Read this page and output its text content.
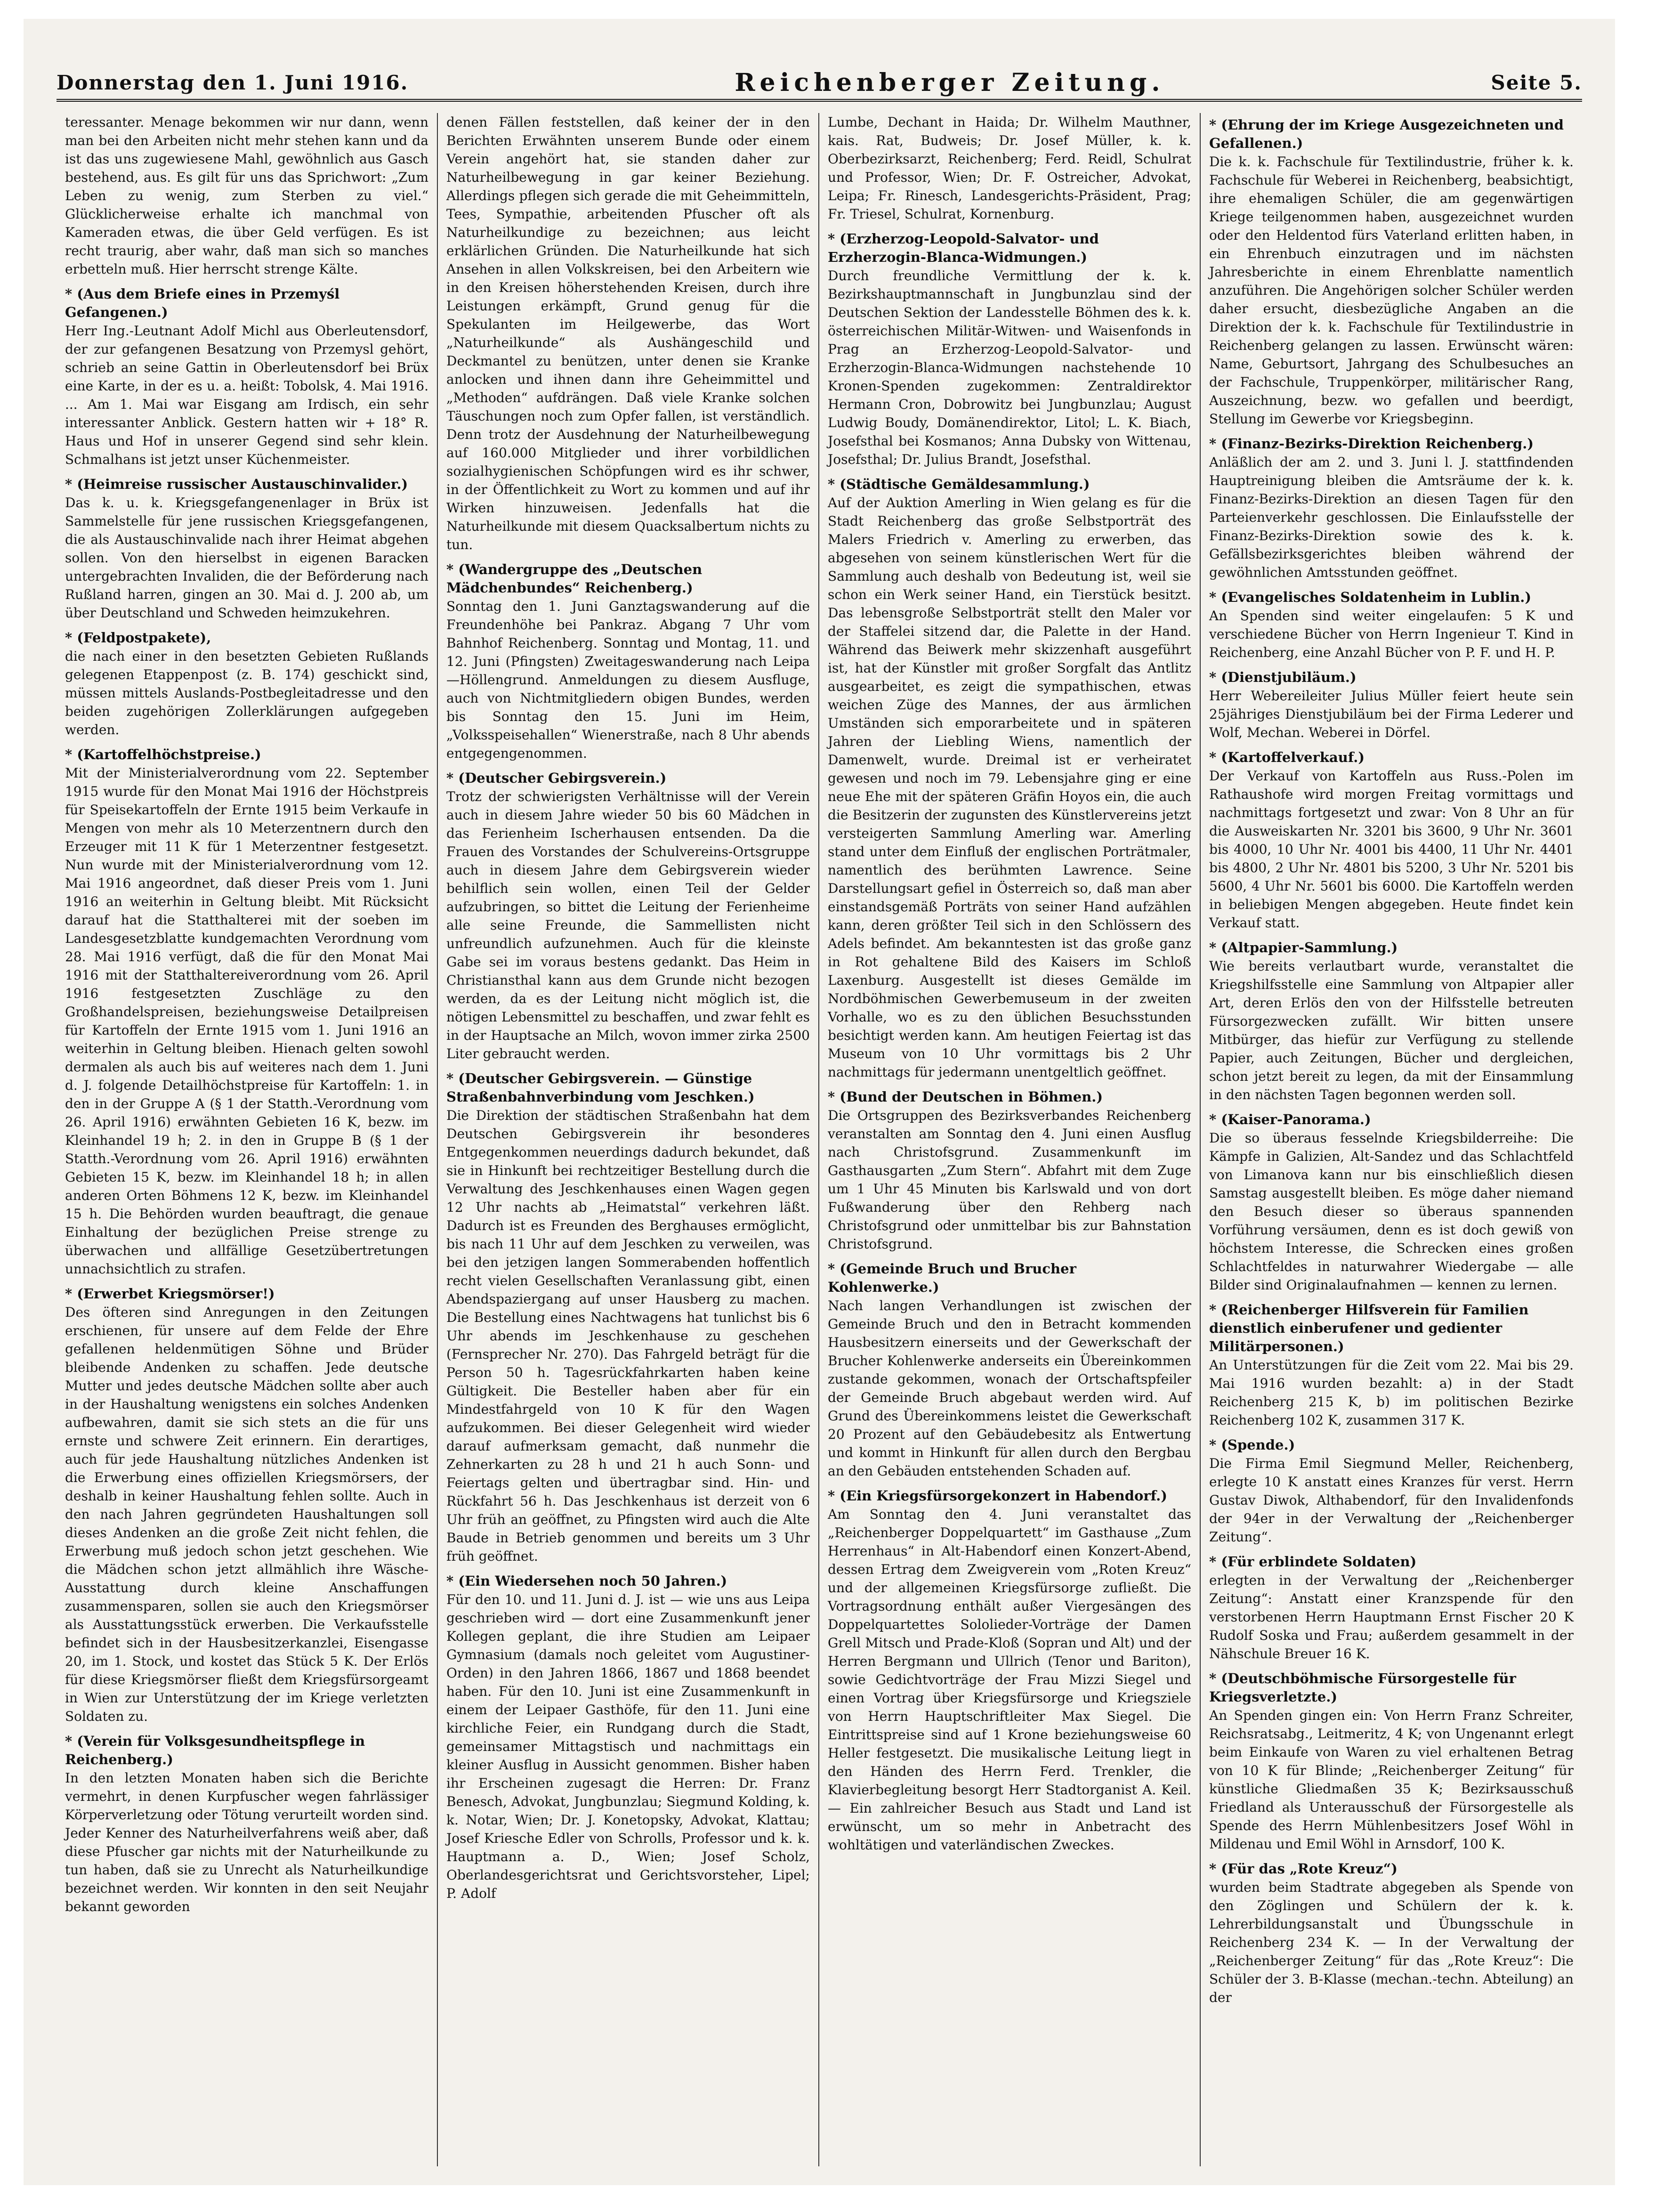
Donnerstag den 1. Juni 1916.	Reichenberger Zeitung.	Seite 5.
teressanter. Menage bekommen wir nur dann, wenn man bei den Arbeiten nicht mehr stehen kann und da ist das uns zugewiesene Mahl, gewöhnlich aus Gasch bestehend, aus. Es gilt für uns das Sprichwort: „Zum Leben zu wenig, zum Sterben zu viel.“ Glücklicherweise erhalte ich manchmal von Kameraden etwas, die über Geld verfügen. Es ist recht traurig, aber wahr, daß man sich so manches erbetteln muß. Hier herrscht strenge Kälte.
* (Aus dem Briefe eines in Przemyśl Gefangenen.)
Herr Ing.-Leutnant Adolf Michl aus Oberleutensdorf, der zur gefangenen Besatzung von Przemysl gehört, schrieb an seine Gattin in Oberleutensdorf bei Brüx eine Karte, in der es u. a. heißt: Tobolsk, 4. Mai 1916. ... Am 1. Mai war Eisgang am Irdisch, ein sehr interessanter Anblick. Gestern hatten wir + 18° R. Haus und Hof in unserer Gegend sind sehr klein. Schmalhans ist jetzt unser Küchenmeister.
* (Heimreise russischer Austauschinvalider.)
Das k. u. k. Kriegsgefangenenlager in Brüx ist Sammelstelle für jene russischen Kriegsgefangenen, die als Austauschinvalide nach ihrer Heimat abgehen sollen. Von den hierselbst in eigenen Baracken untergebrachten Invaliden, die der Beförderung nach Rußland harren, gingen an 30. Mai d. J. 200 ab, um über Deutschland und Schweden heimzukehren.
* (Feldpostpakete),
die nach einer in den besetzten Gebieten Rußlands gelegenen Etappenpost (z. B. 174) geschickt sind, müssen mittels Auslands-Postbegleitadresse und den beiden zugehörigen Zollerklärungen aufgegeben werden.
* (Kartoffelhöchstpreise.)
Mit der Ministerialverordnung vom 22. September 1915 wurde für den Monat Mai 1916 der Höchstpreis für Speisekartoffeln der Ernte 1915 beim Verkaufe in Mengen von mehr als 10 Meterzentnern durch den Erzeuger mit 11 K für 1 Meterzentner festgesetzt. Nun wurde mit der Ministerialverordnung vom 12. Mai 1916 angeordnet, daß dieser Preis vom 1. Juni 1916 an weiterhin in Geltung bleibt. Mit Rücksicht darauf hat die Statthalterei mit der soeben im Landesgesetzblatte kundgemachten Verordnung vom 28. Mai 1916 verfügt, daß die für den Monat Mai 1916 mit der Statthaltereiverordnung vom 26. April 1916 festgesetzten Zuschläge zu den Großhandelspreisen, beziehungsweise Detailpreisen für Kartoffeln der Ernte 1915 vom 1. Juni 1916 an weiterhin in Geltung bleiben. Hienach gelten sowohl dermalen als auch bis auf weiteres nach dem 1. Juni d. J. folgende Detailhöchstpreise für Kartoffeln: 1. in den in der Gruppe A (§ 1 der Statth.-Verordnung vom 26. April 1916) erwähnten Gebieten 16 K, bezw. im Kleinhandel 19 h; 2. in den in Gruppe B (§ 1 der Statth.-Verordnung vom 26. April 1916) erwähnten Gebieten 15 K, bezw. im Kleinhandel 18 h; in allen anderen Orten Böhmens 12 K, bezw. im Kleinhandel 15 h. Die Behörden wurden beauftragt, die genaue Einhaltung der bezüglichen Preise strenge zu überwachen und allfällige Gesetzübertretungen unnachsichtlich zu strafen.
* (Erwerbet Kriegsmörser!)
Des öfteren sind Anregungen in den Zeitungen erschienen, für unsere auf dem Felde der Ehre gefallenen heldenmütigen Söhne und Brüder bleibende Andenken zu schaffen. Jede deutsche Mutter und jedes deutsche Mädchen sollte aber auch in der Haushaltung wenigstens ein solches Andenken aufbewahren, damit sie sich stets an die für uns ernste und schwere Zeit erinnern. Ein derartiges, auch für jede Haushaltung nützliches Andenken ist die Erwerbung eines offiziellen Kriegsmörsers, der deshalb in keiner Haushaltung fehlen sollte. Auch in den nach Jahren gegründeten Haushaltungen soll dieses Andenken an die große Zeit nicht fehlen, die Erwerbung muß jedoch schon jetzt geschehen. Wie die Mädchen schon jetzt allmählich ihre Wäsche-Ausstattung durch kleine Anschaffungen zusammensparen, sollen sie auch den Kriegsmörser als Ausstattungsstück erwerben. Die Verkaufsstelle befindet sich in der Hausbesitzerkanzlei, Eisengasse 20, im 1. Stock, und kostet das Stück 5 K. Der Erlös für diese Kriegsmörser fließt dem Kriegsfürsorgeamt in Wien zur Unterstützung der im Kriege verletzten Soldaten zu.
* (Verein für Volksgesundheitspflege in Reichenberg.)
In den letzten Monaten haben sich die Berichte vermehrt, in denen Kurpfuscher wegen fahrlässiger Körperverletzung oder Tötung verurteilt worden sind. Jeder Kenner des Naturheilverfahrens weiß aber, daß diese Pfuscher gar nichts mit der Naturheilkunde zu tun haben, daß sie zu Unrecht als Naturheilkundige bezeichnet werden. Wir konnten in den seit Neujahr bekannt geworden
denen Fällen feststellen, daß keiner der in den Berichten Erwähnten unserem Bunde oder einem Verein angehört hat, sie standen daher zur Naturheilbewegung in gar keiner Beziehung. Allerdings pflegen sich gerade die mit Geheimmitteln, Tees, Sympathie, arbeitenden Pfuscher oft als Naturheilkundige zu bezeichnen; aus leicht erklärlichen Gründen. Die Naturheilkunde hat sich Ansehen in allen Volkskreisen, bei den Arbeitern wie in den Kreisen höherstehenden Kreisen, durch ihre Leistungen erkämpft, Grund genug für die Spekulanten im Heilgewerbe, das Wort „Naturheilkunde“ als Aushängeschild und Deckmantel zu benützen, unter denen sie Kranke anlocken und ihnen dann ihre Geheimmittel und „Methoden“ aufdrängen. Daß viele Kranke solchen Täuschungen noch zum Opfer fallen, ist verständlich. Denn trotz der Ausdehnung der Naturheilbewegung auf 160.000 Mitglieder und ihrer vorbildlichen sozialhygienischen Schöpfungen wird es ihr schwer, in der Öffentlichkeit zu Wort zu kommen und auf ihr Wirken hinzuweisen. Jedenfalls hat die Naturheilkunde mit diesem Quacksalbertum nichts zu tun.
* (Wandergruppe des „Deutschen Mädchenbundes“ Reichenberg.)
Sonntag den 1. Juni Ganztagswanderung auf die Freundenhöhe bei Pankraz. Abgang 7 Uhr vom Bahnhof Reichenberg. Sonntag und Montag, 11. und 12. Juni (Pfingsten) Zweitageswanderung nach Leipa—Höllengrund. Anmeldungen zu diesem Ausfluge, auch von Nichtmitgliedern obigen Bundes, werden bis Sonntag den 15. Juni im Heim, „Volksspeisehallen“ Wienerstraße, nach 8 Uhr abends entgegengenommen.
* (Deutscher Gebirgsverein.)
Trotz der schwierigsten Verhältnisse will der Verein auch in diesem Jahre wieder 50 bis 60 Mädchen in das Ferienheim Ischerhausen entsenden. Da die Frauen des Vorstandes der Schulvereins-Ortsgruppe auch in diesem Jahre dem Gebirgsverein wieder behilflich sein wollen, einen Teil der Gelder aufzubringen, so bittet die Leitung der Ferienheime alle seine Freunde, die Sammellisten nicht unfreundlich aufzunehmen. Auch für die kleinste Gabe sei im voraus bestens gedankt. Das Heim in Christiansthal kann aus dem Grunde nicht bezogen werden, da es der Leitung nicht möglich ist, die nötigen Lebensmittel zu beschaffen, und zwar fehlt es in der Hauptsache an Milch, wovon immer zirka 2500 Liter gebraucht werden.
* (Deutscher Gebirgsverein. — Günstige Straßenbahnverbindung vom Jeschken.)
Die Direktion der städtischen Straßenbahn hat dem Deutschen Gebirgsverein ihr besonderes Entgegenkommen neuerdings dadurch bekundet, daß sie in Hinkunft bei rechtzeitiger Bestellung durch die Verwaltung des Jeschkenhauses einen Wagen gegen 12 Uhr nachts ab „Heimatstal“ verkehren läßt. Dadurch ist es Freunden des Berghauses ermöglicht, bis nach 11 Uhr auf dem Jeschken zu verweilen, was bei den jetzigen langen Sommerabenden hoffentlich recht vielen Gesellschaften Veranlassung gibt, einen Abendspaziergang auf unser Hausberg zu machen. Die Bestellung eines Nachtwagens hat tunlichst bis 6 Uhr abends im Jeschkenhause zu geschehen (Fernsprecher Nr. 270). Das Fahrgeld beträgt für die Person 50 h. Tagesrückfahrkarten haben keine Gültigkeit. Die Besteller haben aber für ein Mindestfahrgeld von 10 K für den Wagen aufzukommen. Bei dieser Gelegenheit wird wieder darauf aufmerksam gemacht, daß nunmehr die Zehnerkarten zu 28 h und 21 h auch Sonn- und Feiertags gelten und übertragbar sind. Hin- und Rückfahrt 56 h. Das Jeschkenhaus ist derzeit von 6 Uhr früh an geöffnet, zu Pfingsten wird auch die Alte Baude in Betrieb genommen und bereits um 3 Uhr früh geöffnet.
* (Ein Wiedersehen noch 50 Jahren.)
Für den 10. und 11. Juni d. J. ist — wie uns aus Leipa geschrieben wird — dort eine Zusammenkunft jener Kollegen geplant, die ihre Studien am Leipaer Gymnasium (damals noch geleitet vom Augustiner-Orden) in den Jahren 1866, 1867 und 1868 beendet haben. Für den 10. Juni ist eine Zusammenkunft in einem der Leipaer Gasthöfe, für den 11. Juni eine kirchliche Feier, ein Rundgang durch die Stadt, gemeinsamer Mittagstisch und nachmittags ein kleiner Ausflug in Aussicht genommen. Bisher haben ihr Erscheinen zugesagt die Herren: Dr. Franz Benesch, Advokat, Jungbunzlau; Siegmund Kolding, k. k. Notar, Wien; Dr. J. Konetopsky, Advokat, Klattau; Josef Kriesche Edler von Schrolls, Professor und k. k. Hauptmann a. D., Wien; Josef Scholz, Oberlandesgerichtsrat und Gerichtsvorsteher, Lipel; P. Adolf
Lumbe, Dechant in Haida; Dr. Wilhelm Mauthner, kais. Rat, Budweis; Dr. Josef Müller, k. k. Oberbezirksarzt, Reichenberg; Ferd. Reidl, Schulrat und Professor, Wien; Dr. F. Ostreicher, Advokat, Leipa; Fr. Rinesch, Landesgerichts-Präsident, Prag; Fr. Triesel, Schulrat, Kornenburg.
* (Erzherzog-Leopold-Salvator- und Erzherzogin-Blanca-Widmungen.)
Durch freundliche Vermittlung der k. k. Bezirkshauptmannschaft in Jungbunzlau sind der Deutschen Sektion der Landesstelle Böhmen des k. k. österreichischen Militär-Witwen- und Waisenfonds in Prag an Erzherzog-Leopold-Salvator- und Erzherzogin-Blanca-Widmungen nachstehende 10 Kronen-Spenden zugekommen: Zentraldirektor Hermann Cron, Dobrowitz bei Jungbunzlau; August Ludwig Boudy, Domänendirektor, Litol; L. K. Biach, Josefsthal bei Kosmanos; Anna Dubsky von Wittenau, Josefsthal; Dr. Julius Brandt, Josefsthal.
* (Städtische Gemäldesammlung.)
Auf der Auktion Amerling in Wien gelang es für die Stadt Reichenberg das große Selbstporträt des Malers Friedrich v. Amerling zu erwerben, das abgesehen von seinem künstlerischen Wert für die Sammlung auch deshalb von Bedeutung ist, weil sie schon ein Werk seiner Hand, ein Tierstück besitzt. Das lebensgroße Selbstporträt stellt den Maler vor der Staffelei sitzend dar, die Palette in der Hand. Während das Beiwerk mehr skizzenhaft ausgeführt ist, hat der Künstler mit großer Sorgfalt das Antlitz ausgearbeitet, es zeigt die sympathischen, etwas weichen Züge des Mannes, der aus ärmlichen Umständen sich emporarbeitete und in späteren Jahren der Liebling Wiens, namentlich der Damenwelt, wurde. Dreimal ist er verheiratet gewesen und noch im 79. Lebensjahre ging er eine neue Ehe mit der späteren Gräfin Hoyos ein, die auch die Besitzerin der zugunsten des Künstlervereins jetzt versteigerten Sammlung Amerling war. Amerling stand unter dem Einfluß der englischen Porträtmaler, namentlich des berühmten Lawrence. Seine Darstellungsart gefiel in Österreich so, daß man aber einstandsgemäß Porträts von seiner Hand aufzählen kann, deren größter Teil sich in den Schlössern des Adels befindet. Am bekanntesten ist das große ganz in Rot gehaltene Bild des Kaisers im Schloß Laxenburg. Ausgestellt ist dieses Gemälde im Nordböhmischen Gewerbemuseum in der zweiten Vorhalle, wo es zu den üblichen Besuchsstunden besichtigt werden kann. Am heutigen Feiertag ist das Museum von 10 Uhr vormittags bis 2 Uhr nachmittags für jedermann unentgeltlich geöffnet.
* (Bund der Deutschen in Böhmen.)
Die Ortsgruppen des Bezirksverbandes Reichenberg veranstalten am Sonntag den 4. Juni einen Ausflug nach Christofsgrund. Zusammenkunft im Gasthausgarten „Zum Stern“. Abfahrt mit dem Zuge um 1 Uhr 45 Minuten bis Karlswald und von dort Fußwanderung über den Rehberg nach Christofsgrund oder unmittelbar bis zur Bahnstation Christofsgrund.
* (Gemeinde Bruch und Brucher Kohlenwerke.)
Nach langen Verhandlungen ist zwischen der Gemeinde Bruch und den in Betracht kommenden Hausbesitzern einerseits und der Gewerkschaft der Brucher Kohlenwerke anderseits ein Übereinkommen zustande gekommen, wonach der Ortschaftspfeiler der Gemeinde Bruch abgebaut werden wird. Auf Grund des Übereinkommens leistet die Gewerkschaft 20 Prozent auf den Gebäudebesitz als Entwertung und kommt in Hinkunft für allen durch den Bergbau an den Gebäuden entstehenden Schaden auf.
* (Ein Kriegsfürsorgekonzert in Habendorf.)
Am Sonntag den 4. Juni veranstaltet das „Reichenberger Doppelquartett“ im Gasthause „Zum Herrenhaus“ in Alt-Habendorf einen Konzert-Abend, dessen Ertrag dem Zweigverein vom „Roten Kreuz“ und der allgemeinen Kriegsfürsorge zufließt. Die Vortragsordnung enthält außer Viergesängen des Doppelquartettes Sololieder-Vorträge der Damen Grell Mitsch und Prade-Kloß (Sopran und Alt) und der Herren Bergmann und Ullrich (Tenor und Bariton), sowie Gedichtvorträge der Frau Mizzi Siegel und einen Vortrag über Kriegsfürsorge und Kriegsziele von Herrn Hauptschriftleiter Max Siegel. Die Eintrittspreise sind auf 1 Krone beziehungsweise 60 Heller festgesetzt. Die musikalische Leitung liegt in den Händen des Herrn Ferd. Trenkler, die Klavierbegleitung besorgt Herr Stadtorganist A. Keil. — Ein zahlreicher Besuch aus Stadt und Land ist erwünscht, um so mehr in Anbetracht des wohltätigen und vaterländischen Zweckes.
* (Ehrung der im Kriege Ausgezeichneten und Gefallenen.)
Die k. k. Fachschule für Textilindustrie, früher k. k. Fachschule für Weberei in Reichenberg, beabsichtigt, ihre ehemaligen Schüler, die am gegenwärtigen Kriege teilgenommen haben, ausgezeichnet wurden oder den Heldentod fürs Vaterland erlitten haben, in ein Ehrenbuch einzutragen und im nächsten Jahresberichte in einem Ehrenblatte namentlich anzuführen. Die Angehörigen solcher Schüler werden daher ersucht, diesbezügliche Angaben an die Direktion der k. k. Fachschule für Textilindustrie in Reichenberg gelangen zu lassen. Erwünscht wären: Name, Geburtsort, Jahrgang des Schulbesuches an der Fachschule, Truppenkörper, militärischer Rang, Auszeichnung, bezw. wo gefallen und beerdigt, Stellung im Gewerbe vor Kriegsbeginn.
* (Finanz-Bezirks-Direktion Reichenberg.)
Anläßlich der am 2. und 3. Juni l. J. stattfindenden Hauptreinigung bleiben die Amtsräume der k. k. Finanz-Bezirks-Direktion an diesen Tagen für den Parteienverkehr geschlossen. Die Einlaufsstelle der Finanz-Bezirks-Direktion sowie des k. k. Gefällsbezirksgerichtes bleiben während der gewöhnlichen Amtsstunden geöffnet.
* (Evangelisches Soldatenheim in Lublin.)
An Spenden sind weiter eingelaufen: 5 K und verschiedene Bücher von Herrn Ingenieur T. Kind in Reichenberg, eine Anzahl Bücher von P. F. und H. P.
* (Dienstjubiläum.)
Herr Webereileiter Julius Müller feiert heute sein 25jähriges Dienstjubiläum bei der Firma Lederer und Wolf, Mechan. Weberei in Dörfel.
* (Kartoffelverkauf.)
Der Verkauf von Kartoffeln aus Russ.-Polen im Rathaushofe wird morgen Freitag vormittags und nachmittags fortgesetzt und zwar: Von 8 Uhr an für die Ausweiskarten Nr. 3201 bis 3600, 9 Uhr Nr. 3601 bis 4000, 10 Uhr Nr. 4001 bis 4400, 11 Uhr Nr. 4401 bis 4800, 2 Uhr Nr. 4801 bis 5200, 3 Uhr Nr. 5201 bis 5600, 4 Uhr Nr. 5601 bis 6000. Die Kartoffeln werden in beliebigen Mengen abgegeben. Heute findet kein Verkauf statt.
* (Altpapier-Sammlung.)
Wie bereits verlautbart wurde, veranstaltet die Kriegshilfsstelle eine Sammlung von Altpapier aller Art, deren Erlös den von der Hilfsstelle betreuten Fürsorgezwecken zufällt. Wir bitten unsere Mitbürger, das hiefür zur Verfügung zu stellende Papier, auch Zeitungen, Bücher und dergleichen, schon jetzt bereit zu legen, da mit der Einsammlung in den nächsten Tagen begonnen werden soll.
* (Kaiser-Panorama.)
Die so überaus fesselnde Kriegsbilderreihe: Die Kämpfe in Galizien, Alt-Sandez und das Schlachtfeld von Limanova kann nur bis einschließlich diesen Samstag ausgestellt bleiben. Es möge daher niemand den Besuch dieser so überaus spannenden Vorführung versäumen, denn es ist doch gewiß von höchstem Interesse, die Schrecken eines großen Schlachtfeldes in naturwahrer Wiedergabe — alle Bilder sind Originalaufnahmen — kennen zu lernen.
* (Reichenberger Hilfsverein für Familien dienstlich einberufener und gedienter Militärpersonen.)
An Unterstützungen für die Zeit vom 22. Mai bis 29. Mai 1916 wurden bezahlt: a) in der Stadt Reichenberg 215 K, b) im politischen Bezirke Reichenberg 102 K, zusammen 317 K.
* (Spende.)
Die Firma Emil Siegmund Meller, Reichenberg, erlegte 10 K anstatt eines Kranzes für verst. Herrn Gustav Diwok, Althabendorf, für den Invalidenfonds der 94er in der Verwaltung der „Reichenberger Zeitung“.
* (Für erblindete Soldaten)
erlegten in der Verwaltung der „Reichenberger Zeitung“: Anstatt einer Kranzspende für den verstorbenen Herrn Hauptmann Ernst Fischer 20 K Rudolf Soska und Frau; außerdem gesammelt in der Nähschule Breuer 16 K.
* (Deutschböhmische Fürsorgestelle für Kriegsverletzte.)
An Spenden gingen ein: Von Herrn Franz Schreiter, Reichsratsabg., Leitmeritz, 4 K; von Ungenannt erlegt beim Einkaufe von Waren zu viel erhaltenen Betrag von 10 K für Blinde; „Reichenberger Zeitung“ für künstliche Gliedmaßen 35 K; Bezirksausschuß Friedland als Unterausschuß der Fürsorgestelle als Spende des Herrn Mühlenbesitzers Josef Wöhl in Mildenau und Emil Wöhl in Arnsdorf, 100 K.
* (Für das „Rote Kreuz“)
wurden beim Stadtrate abgegeben als Spende von den Zöglingen und Schülern der k. k. Lehrerbildungsanstalt und Übungsschule in Reichenberg 234 K. — In der Verwaltung der „Reichenberger Zeitung“ für das „Rote Kreuz“: Die Schüler der 3. B-Klasse (mechan.-techn. Abteilung) an der
